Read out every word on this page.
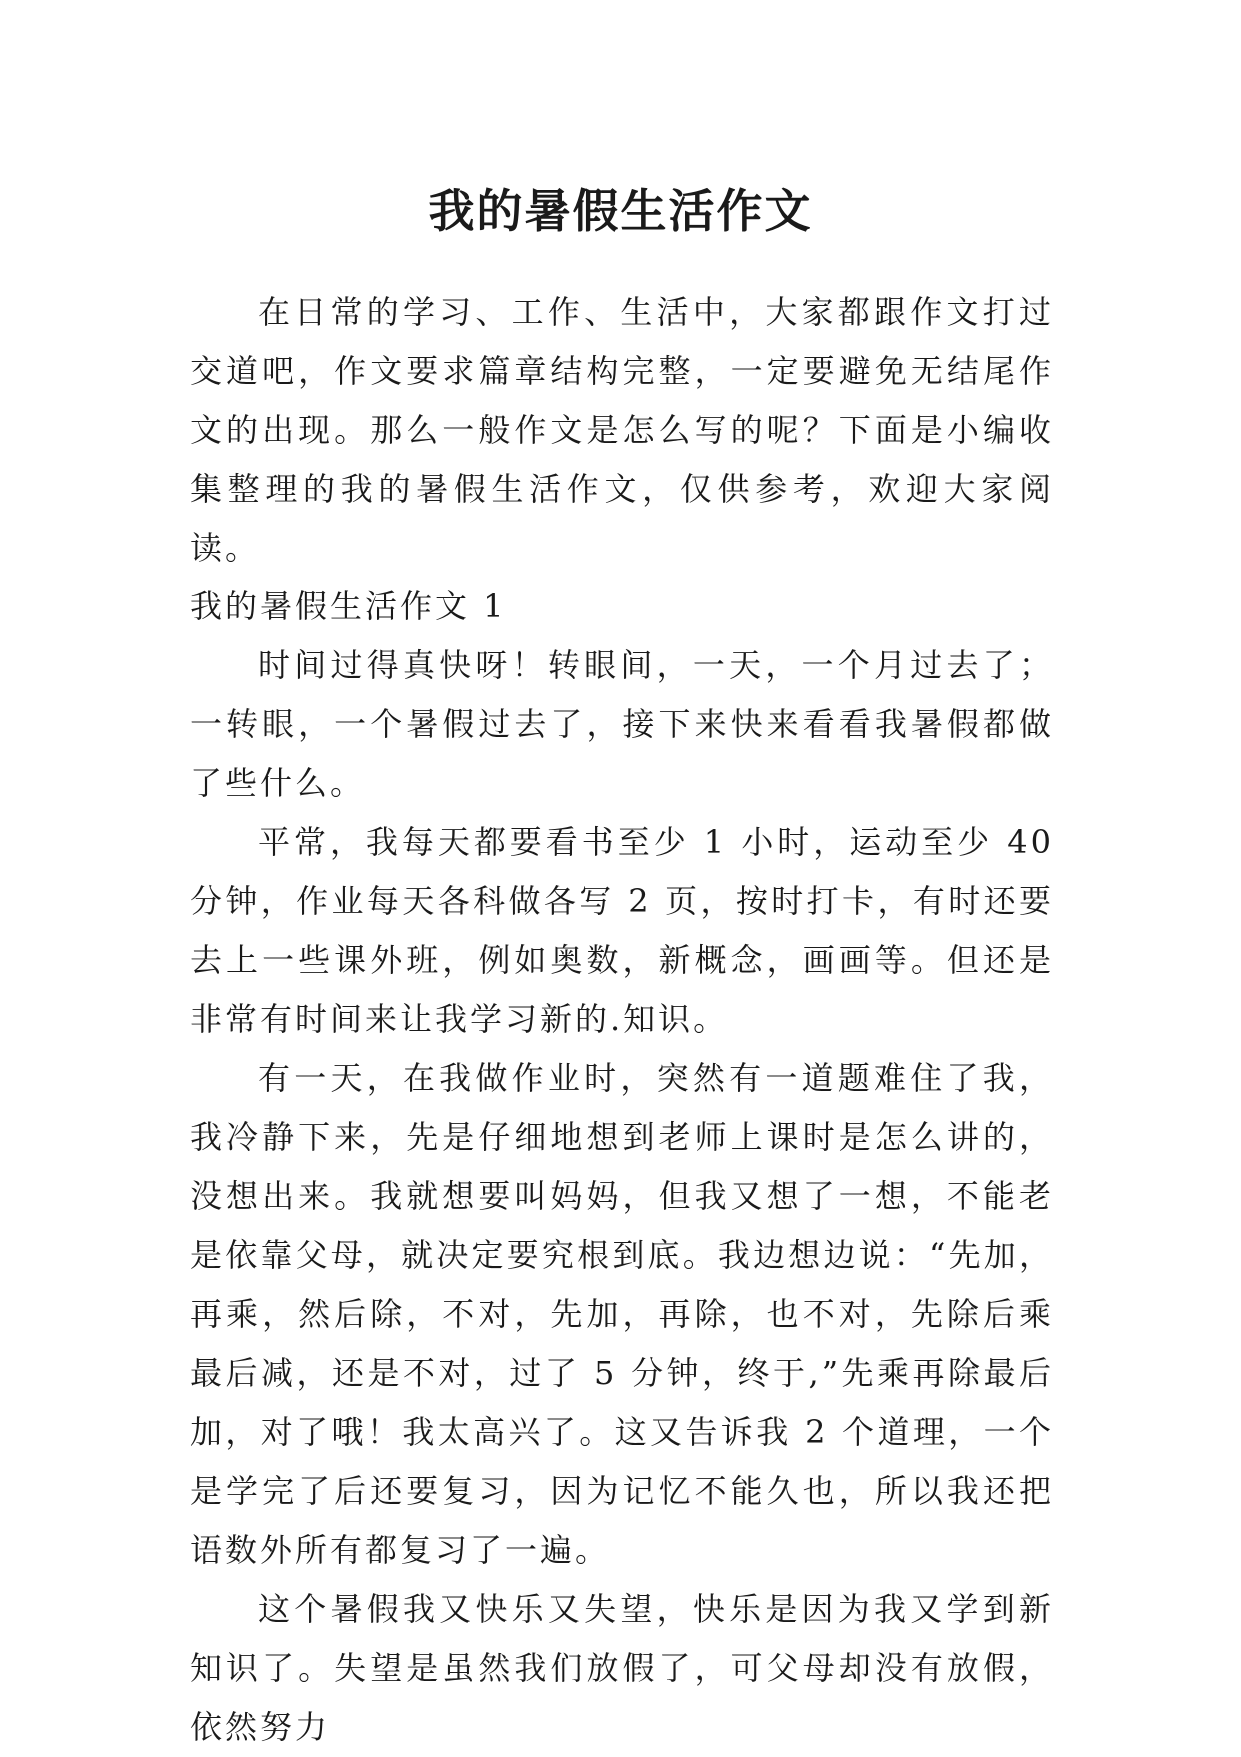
我的暑假生活作文

在日常的学习、工作、生活中，大家都跟作文打过交道吧，作文要求篇章结构完整，一定要避免无结尾作文的出现。那么一般作文是怎么写的呢？下面是小编收集整理的我的暑假生活作文，仅供参考，欢迎大家阅读。

我的暑假生活作文 1

时间过得真快呀！转眼间，一天，一个月过去了；一转眼，一个暑假过去了，接下来快来看看我暑假都做了些什么。

平常，我每天都要看书至少 1 小时，运动至少 40 分钟，作业每天各科做各写 2 页，按时打卡，有时还要去上一些课外班，例如奥数，新概念，画画等。但还是非常有时间来让我学习新的.知识。

有一天，在我做作业时，突然有一道题难住了我，我冷静下来，先是仔细地想到老师上课时是怎么讲的，没想出来。我就想要叫妈妈，但我又想了一想，不能老是依靠父母，就决定要究根到底。我边想边说：“先加，再乘，然后除，不对，先加，再除，也不对，先除后乘最后减，还是不对，过了 5 分钟，终于,”先乘再除最后加，对了哦！我太高兴了。这又告诉我 2 个道理，一个是学完了后还要复习，因为记忆不能久也，所以我还把语数外所有都复习了一遍。

这个暑假我又快乐又失望，快乐是因为我又学到新知识了。失望是虽然我们放假了，可父母却没有放假，依然努力
